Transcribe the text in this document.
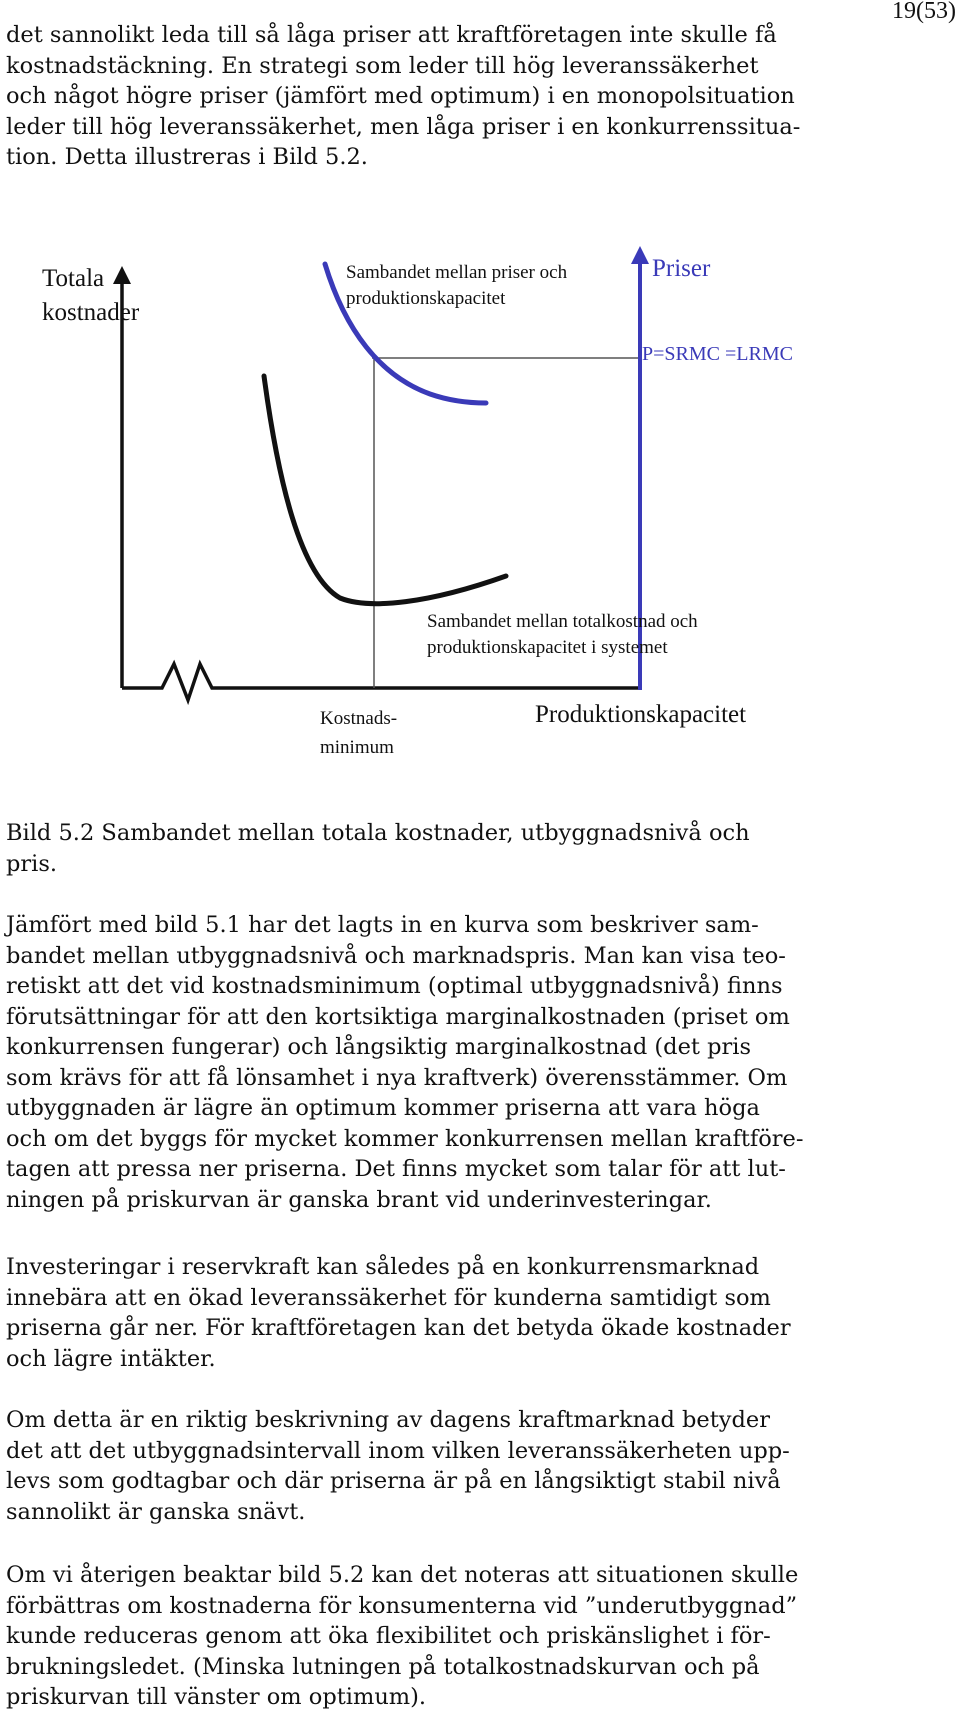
19(53)
det sannolikt leda till så låga priser att kraftföretagen inte skulle få
kostnadstäckning. En strategi som leder till hög leveranssäkerhet
och något högre priser (jämfört med optimum) i en monopolsituation
leder till hög leveranssäkerhet, men låga priser i en konkurrenssitua-
tion. Detta illustreras i Bild 5.2.
Totala
kostnader
Priser
Sambandet mellan priser och
produktionskapacitet
P=SRMC =LRMC
Sambandet mellan totalkostnad och
produktionskapacitet i systemet
Kostnads-
minimum
Produktionskapacitet
Bild 5.2 Sambandet mellan totala kostnader, utbyggnadsnivå och
pris.
Jämfört med bild 5.1 har det lagts in en kurva som beskriver sam-
bandet mellan utbyggnadsnivå och marknadspris. Man kan visa teo-
retiskt att det vid kostnadsminimum (optimal utbyggnadsnivå) finns
förutsättningar för att den kortsiktiga marginalkostnaden (priset om
konkurrensen fungerar) och långsiktig marginalkostnad (det pris
som krävs för att få lönsamhet i nya kraftverk) överensstämmer. Om
utbyggnaden är lägre än optimum kommer priserna att vara höga
och om det byggs för mycket kommer konkurrensen mellan kraftföre-
tagen att pressa ner priserna. Det finns mycket som talar för att lut-
ningen på priskurvan är ganska brant vid underinvesteringar.
Investeringar i reservkraft kan således på en konkurrensmarknad
innebära att en ökad leveranssäkerhet för kunderna samtidigt som
priserna går ner. För kraftföretagen kan det betyda ökade kostnader
och lägre intäkter.
Om detta är en riktig beskrivning av dagens kraftmarknad betyder
det att det utbyggnadsintervall inom vilken leveranssäkerheten upp-
levs som godtagbar och där priserna är på en långsiktigt stabil nivå
sannolikt är ganska snävt.
Om vi återigen beaktar bild 5.2 kan det noteras att situationen skulle
förbättras om kostnaderna för konsumenterna vid ”underutbyggnad”
kunde reduceras genom att öka flexibilitet och priskänslighet i för-
brukningsledet. (Minska lutningen på totalkostnadskurvan och på
priskurvan till vänster om optimum).
